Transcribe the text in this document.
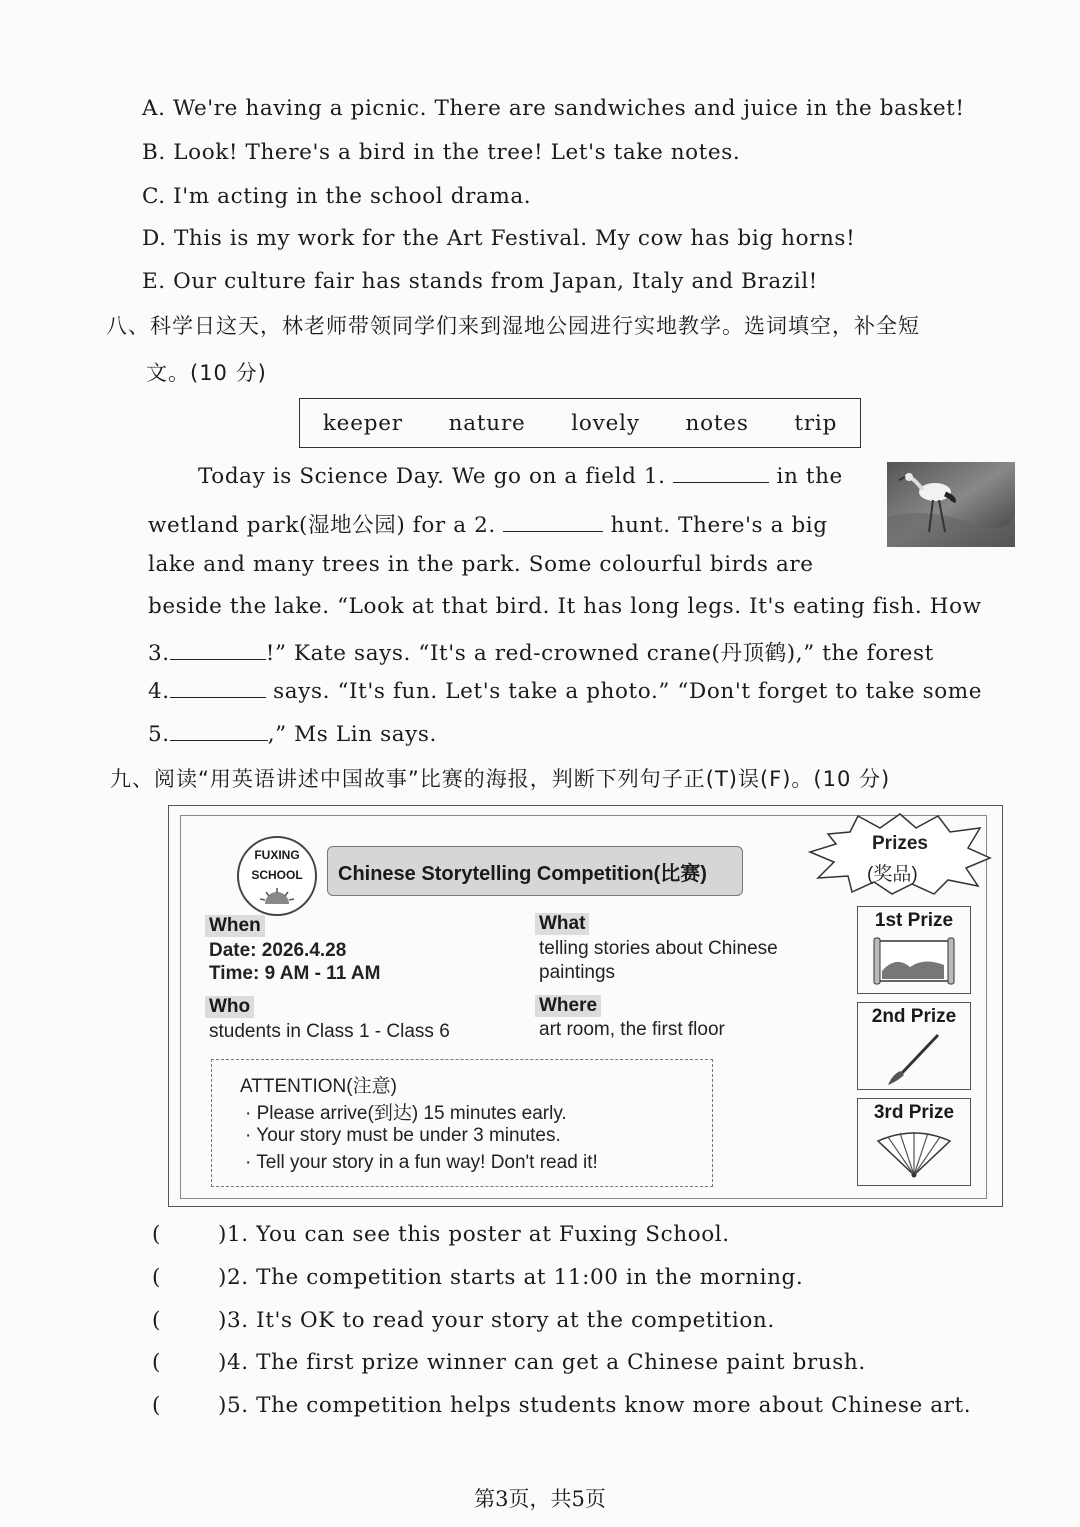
A. We're having a picnic. There are sandwiches and juice in the basket!
B. Look! There's a bird in the tree! Let's take notes.
C. I'm acting in the school drama.
D. This is my work for the Art Festival. My cow has big horns!
E. Our culture fair has stands from Japan, Italy and Brazil!
八、科学日这天，林老师带领同学们来到湿地公园进行实地教学。选词填空，补全短
文。(10 分)
keeper nature lovely notes trip
Today is Science Day. We go on a field 1.	in the
wetland park(湿地公园) for a 2.	hunt. There's a big
lake and many trees in the park. Some colourful birds are
beside the lake. “Look at that bird. It has long legs. It's eating fish. How
3.	!” Kate says. “It's a red-crowned crane(丹顶鹤),” the forest
4.	says. “It's fun. Let's take a photo.” “Don't forget to take some
5.	,” Ms Lin says.
九、阅读“用英语讲述中国故事”比赛的海报，判断下列句子正(T)误(F)。(10 分)
FUXING
SCHOOL	Chinese Storytelling Competition(比赛)
Prizes
(奖品)
When
Date: 2026.4.28
Time: 9 AM - 11 AM
What
telling stories about Chinese
paintings
Who
students in Class 1 - Class 6
Where
art room, the first floor
ATTENTION(注意)
· Please arrive(到达) 15 minutes early.
· Your story must be under 3 minutes.
· Tell your story in a fun way! Don't read it!
1st Prize
2nd Prize
3rd Prize
(	)1. You can see this poster at Fuxing School.
(	)2. The competition starts at 11:00 in the morning.
(	)3. It's OK to read your story at the competition.
(	)4. The first prize winner can get a Chinese paint brush.
(	)5. The competition helps students know more about Chinese art.
第3页，共5页
